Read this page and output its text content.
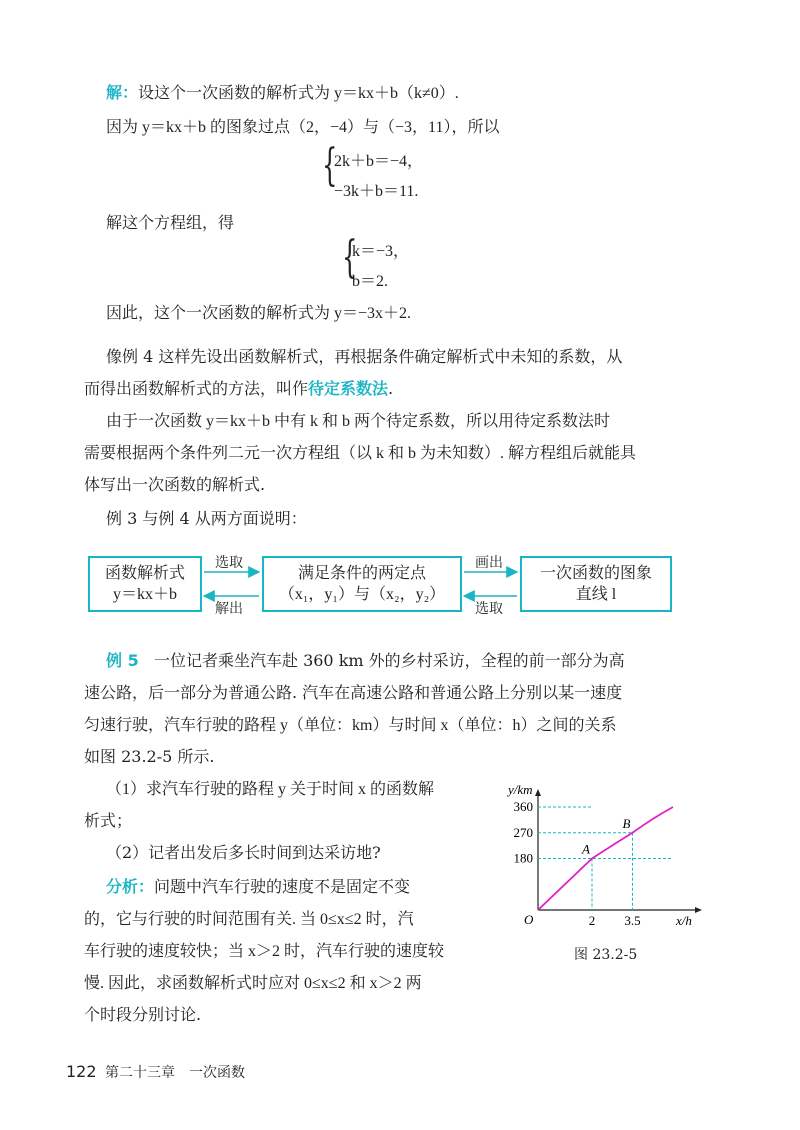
解：设这个一次函数的解析式为 y＝kx＋b（k≠0）.
因为 y＝kx＋b 的图象过点（2，−4）与（−3，11），所以
{
2k＋b＝−4，
−3k＋b＝11.
解这个方程组，得
{
k＝−3，
b＝2.
因此，这个一次函数的解析式为 y＝−3x＋2.
像例 4 这样先设出函数解析式，再根据条件确定解析式中未知的系数，从
而得出函数解析式的方法，叫作待定系数法.
由于一次函数 y＝kx＋b 中有 k 和 b 两个待定系数，所以用待定系数法时
需要根据两个条件列二元一次方程组（以 k 和 b 为未知数）. 解方程组后就能具
体写出一次函数的解析式.
例 3 与例 4 从两方面说明：
函数解析式
y＝kx＋b
满足条件的两定点
（x₁，y₁）与（x₂，y₂）
一次函数的图象
直线 l
选取
解出
画出
选取
例 5 一位记者乘坐汽车赴 360 km 外的乡村采访，全程的前一部分为高
速公路，后一部分为普通公路. 汽车在高速公路和普通公路上分别以某一速度
匀速行驶，汽车行驶的路程 y（单位：km）与时间 x（单位：h）之间的关系
如图 23.2-5 所示.
（1）求汽车行驶的路程 y 关于时间 x 的函数解
析式；
（2）记者出发后多长时间到达采访地?
分析：问题中汽车行驶的速度不是固定不变
的，它与行驶的时间范围有关. 当 0≤x≤2 时，汽
车行驶的速度较快；当 x＞2 时，汽车行驶的速度较
慢. 因此，求函数解析式时应对 0≤x≤2 和 x＞2 两
个时段分别讨论.
y/km
x/h
O
180
270
360
2
A
3.5
B
图 23.2-5
122 第二十三章　一次函数
